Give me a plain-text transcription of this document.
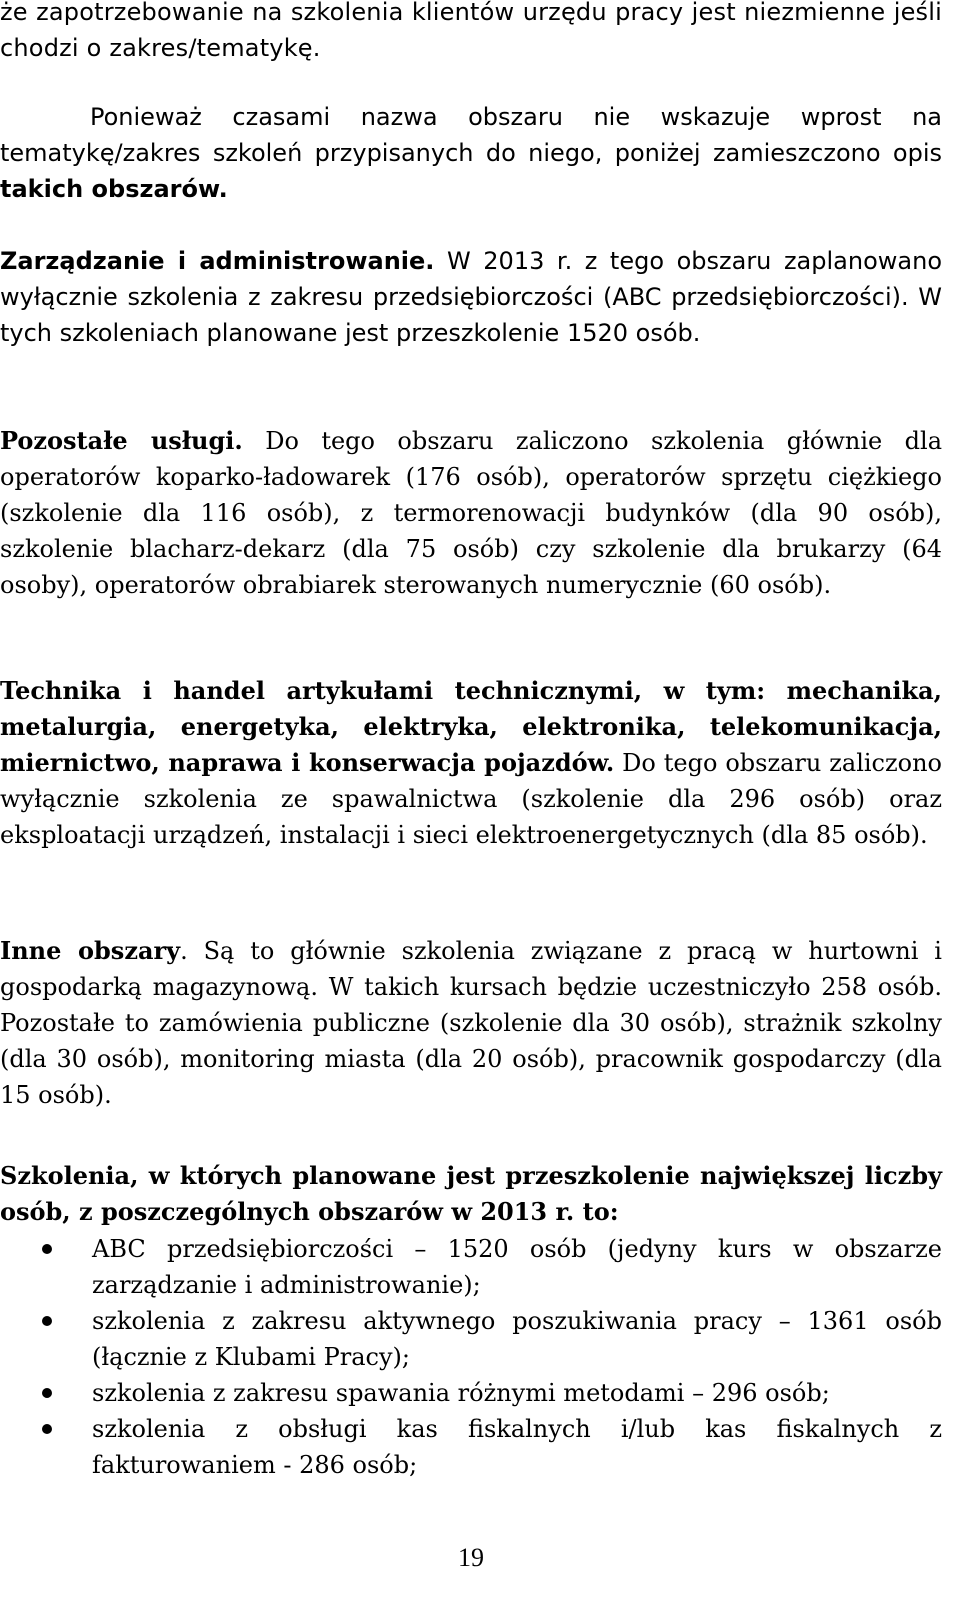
że zapotrzebowanie na szkolenia klientów urzędu pracy jest niezmienne jeśli chodzi o zakres/tematykę.

Ponieważ czasami nazwa obszaru nie wskazuje wprost na tematykę/zakres szkoleń przypisanych do niego, poniżej zamieszczono opis takich obszarów.

Zarządzanie i administrowanie. W 2013 r. z tego obszaru zaplanowano wyłącznie szkolenia z zakresu przedsiębiorczości (ABC przedsiębiorczości). W tych szkoleniach planowane jest przeszkolenie 1520 osób.

Pozostałe usługi. Do tego obszaru zaliczono szkolenia głównie dla operatorów koparko-ładowarek (176 osób), operatorów sprzętu ciężkiego (szkolenie dla 116 osób), z termorenowacji budynków (dla 90 osób), szkolenie blacharz-dekarz (dla 75 osób) czy szkolenie dla brukarzy (64 osoby), operatorów obrabiarek sterowanych numerycznie (60 osób).

Technika i handel artykułami technicznymi, w tym: mechanika, metalurgia, energetyka, elektryka, elektronika, telekomunikacja, miernictwo, naprawa i konserwacja pojazdów. Do tego obszaru zaliczono wyłącznie szkolenia ze spawalnictwa (szkolenie dla 296 osób) oraz eksploatacji urządzeń, instalacji i sieci elektroenergetycznych (dla 85 osób).

Inne obszary. Są to głównie szkolenia związane z pracą w hurtowni i gospodarką magazynową. W takich kursach będzie uczestniczyło 258 osób. Pozostałe to zamówienia publiczne (szkolenie dla 30 osób), strażnik szkolny (dla 30 osób), monitoring miasta (dla 20 osób), pracownik gospodarczy (dla 15 osób).

Szkolenia, w których planowane jest przeszkolenie największej liczby osób, z poszczególnych obszarów w 2013 r. to:

ABC przedsiębiorczości – 1520 osób (jedyny kurs w obszarze zarządzanie i administrowanie);
szkolenia z zakresu aktywnego poszukiwania pracy – 1361 osób (łącznie z Klubami Pracy);
szkolenia z zakresu spawania różnymi metodami – 296 osób;
szkolenia z obsługi kas fiskalnych i/lub kas fiskalnych z fakturowaniem - 286 osób;
19
